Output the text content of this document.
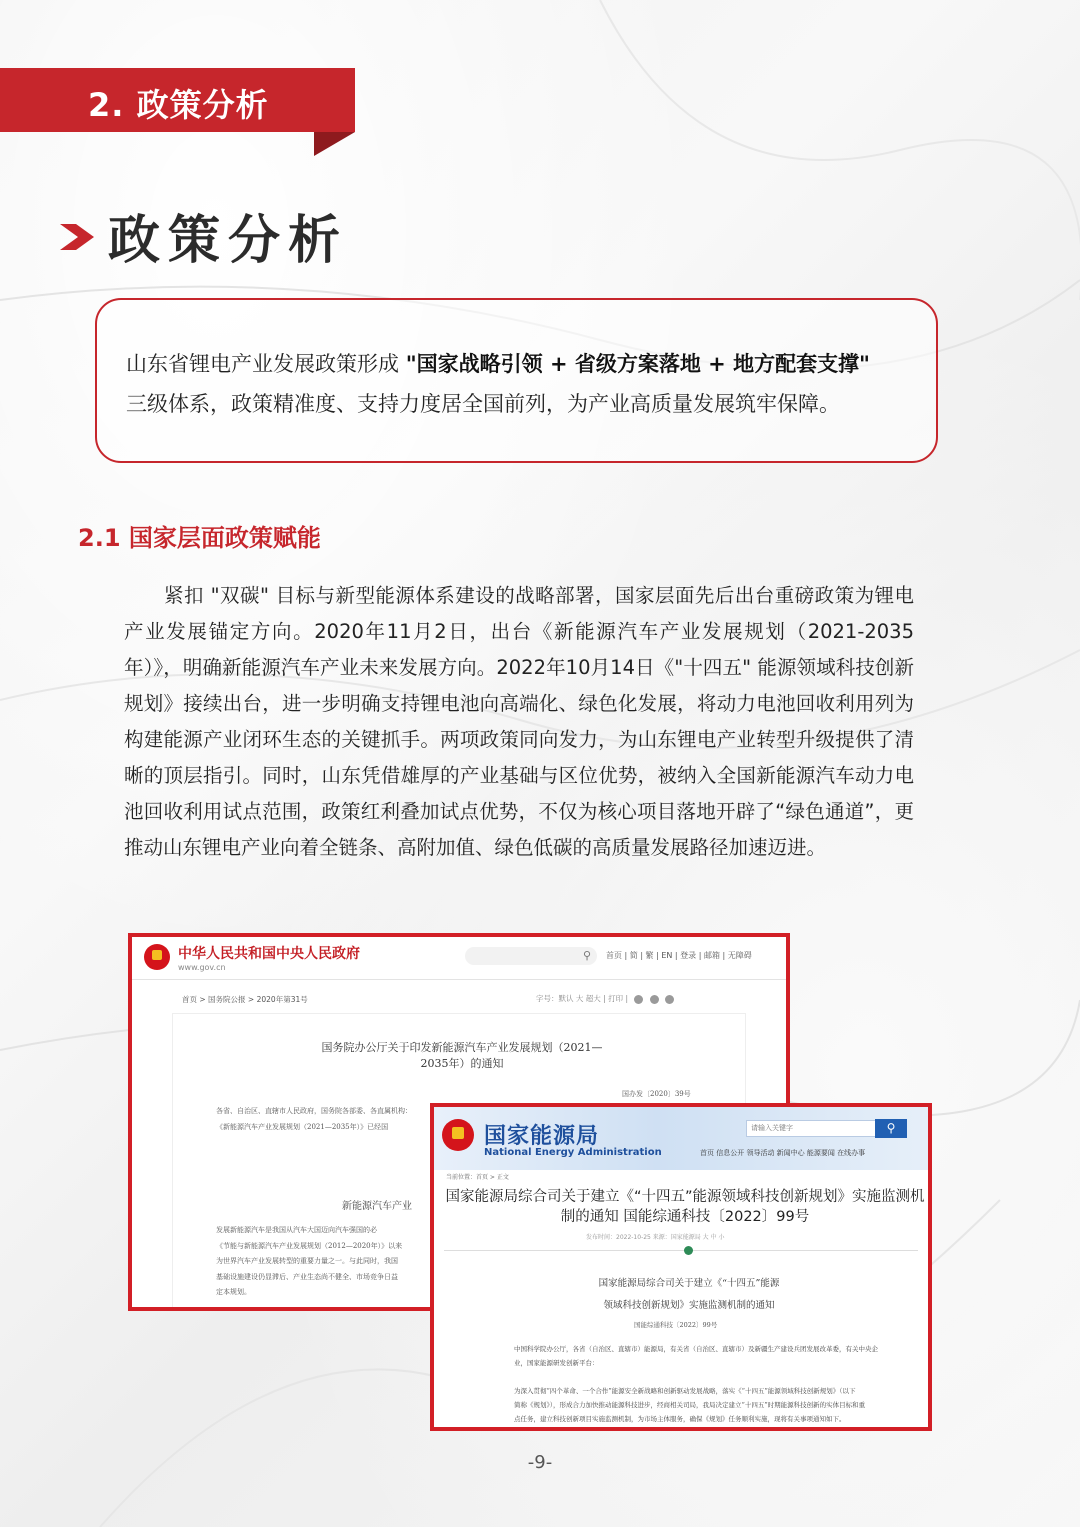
2. 政策分析
政策分析
山东省锂电产业发展政策形成 "国家战略引领 + 省级方案落地 + 地方配套支撑"
三级体系，政策精准度、支持力度居全国前列，为产业高质量发展筑牢保障。
2.1 国家层面政策赋能
紧扣 "双碳" 目标与新型能源体系建设的战略部署，国家层面先后出台重磅政策为锂电产业发展锚定方向。2020年11月2日，出台《新能源汽车产业发展规划（2021-2035年）》，明确新能源汽车产业未来发展方向。2022年10月14日《"十四五" 能源领域科技创新规划》接续出台，进一步明确支持锂电池向高端化、绿色化发展，将动力电池回收利用列为构建能源产业闭环生态的关键抓手。两项政策同向发力，为山东锂电产业转型升级提供了清晰的顶层指引。同时，山东凭借雄厚的产业基础与区位优势，被纳入全国新能源汽车动力电池回收利用试点范围，政策红利叠加试点优势，不仅为核心项目落地开辟了“绿色通道”，更推动山东锂电产业向着全链条、高附加值、绿色低碳的高质量发展路径加速迈进。
中华人民共和国中央人民政府
www.gov.cn
⚲ 首页 | 简 | 繁 | EN | 登录 | 邮箱 | 无障碍
首页 > 国务院公报 > 2020年第31号	字号：默认 大 超大 | 打印 |
国务院办公厅关于印发新能源汽车产业发展规划（2021—2035年）的通知
国办发〔2020〕39号
各省、自治区、直辖市人民政府，国务院各部委、各直属机构：
《新能源汽车产业发展规划（2021—2035年）》已经国
新能源汽车产业
发展新能源汽车是我国从汽车大国迈向汽车强国的必
《节能与新能源汽车产业发展规划（2012—2020年）》以来
为世界汽车产业发展转型的重要力量之一。与此同时，我国
基础设施建设仍显滞后、产业生态尚不健全、市场竞争日益
定本规划。
国家能源局
National Energy Administration
请输入关键字	⚲
首页 信息公开 领导活动 新闻中心 能源要闻 在线办事
当前位置：首页 > 正文
国家能源局综合司关于建立《“十四五”能源领域科技创新规划》实施监测机制的通知 国能综通科技〔2022〕99号
发布时间：2022-10-25 来源：国家能源局 大 中 小
国家能源局综合司关于建立《“十四五”能源
领域科技创新规划》实施监测机制的通知
国能综通科技〔2022〕99号
中国科学院办公厅，各省（自治区、直辖市）能源局，有关省（自治区、直辖市）及新疆生产建设兵团发展改革委，有关中央企
业，国家能源研发创新平台：

为深入贯彻“四个革命、一个合作”能源安全新战略和创新驱动发展战略，落实《“十四五”能源领域科技创新规划》（以下
简称《规划》），形成合力加快推动能源科技进步，经商相关司局，我局决定建立“十四五”时期能源科技创新的实体目标和重
点任务，建立科技创新项目实施监测机制，为市场主体服务，确保《规划》任务顺利实施，现将有关事项通知如下。
-9-
